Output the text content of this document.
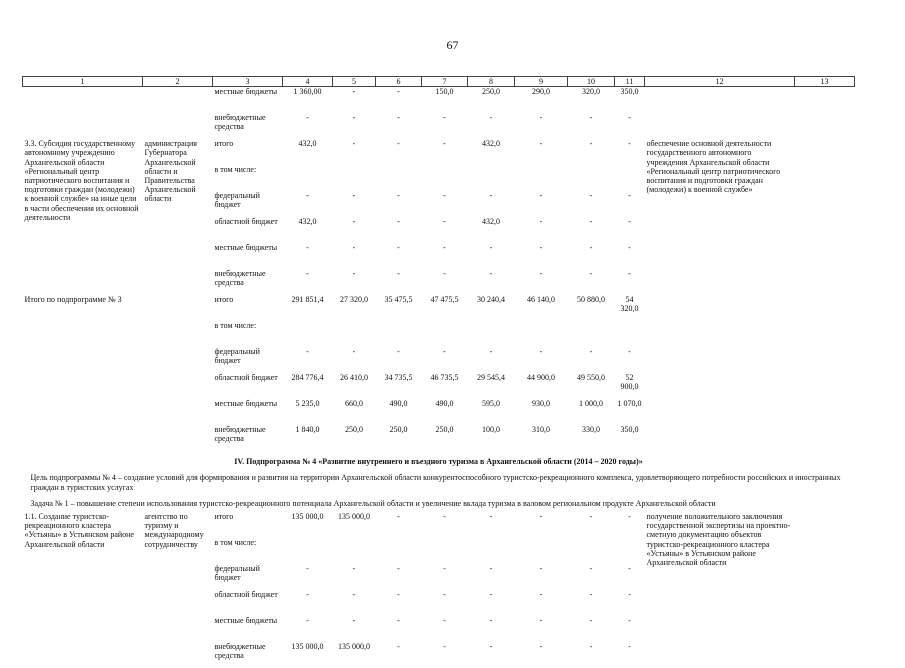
67
1	2	3	4	5	6	7	8	9	10	11	12	13
		местные бюджеты	1 360,00	-	-	150,0	250,0	290,0	320,0	350,0		
		внебюджетные средства	-	-	-	-	-	-	-	-		
3.3. Субсидия государственному автономному учреждению Архангельской области «Региональный центр патриотического воспитания и подготовки граждан (молодежи) к военной службе» на иные цели в части обеспечения их основной деятельности	администрация Губернатора Архангельской области и Правительства Архангельской области	итого	432,0	-	-	-	432,0	-	-	-	обеспечение основной деятельности государственного автономного учреждения Архангельской области «Региональный центр патриотического воспитания и подготовки граждан (молодежи) к военной службе»	
		в том числе:										
		федеральный бюджет	-	-	-	-	-	-	-	-		
		областной бюджет	432,0	-	-	-	432,0	-	-	-		
		местные бюджеты	-	-	-	-	-	-	-	-		
		внебюджетные средства	-	-	-	-	-	-	-	-		
Итого по подпрограмме № 3		итого	291 851,4	27 320,0	35 475,5	47 475,5	30 240,4	46 140,0	50 880,0	54 320,0		
		в том числе:										
		федеральный бюджет	-	-	-	-	-	-	-	-		
		областной бюджет	284 776,4	26 410,0	34 735,5	46 735,5	29 545,4	44 900,0	49 550,0	52 900,0		
		местные бюджеты	5 235,0	660,0	490,0	490,0	595,0	930,0	1 000,0	1 070,0		
		внебюджетные средства	1 840,0	250,0	250,0	250,0	100,0	310,0	330,0	350,0		
IV. Подпрограмма № 4 «Развитие внутреннего и въездного туризма в Архангельской области (2014 – 2020 годы)»												
Цель подпрограммы № 4 – создание условий для формирования и развития на территории Архангельской области конкурентоспособного туристско-рекреационного комплекса, удовлетворяющего потребности российских и иностранных граждан в туристских услугах												
Задача № 1 – повышение степени использования туристско-рекреационного потенциала Архангельской области и увеличение вклада туризма в валовом региональном продукте Архангельской области												
1.1. Создание туристско-рекреационного кластера «Устьяны» в Устьянском районе Архангельской области	агентство по туризму и международному сотрудничеству	итого	135 000,0	135 000,0	-	-	-	-	-	-	получение положительного заключения государственной экспертизы на проектно-сметную документацию объектов туристско-рекреационного кластера «Устьяны» в Устьянском районе Архангельской области	
		в том числе:										
		федеральный бюджет	-	-	-	-	-	-	-	-		
		областной бюджет	-	-	-	-	-	-	-	-		
		местные бюджеты	-	-	-	-	-	-	-	-		
		внебюджетные средства	135 000,0	135 000,0	-	-	-	-	-	-		
